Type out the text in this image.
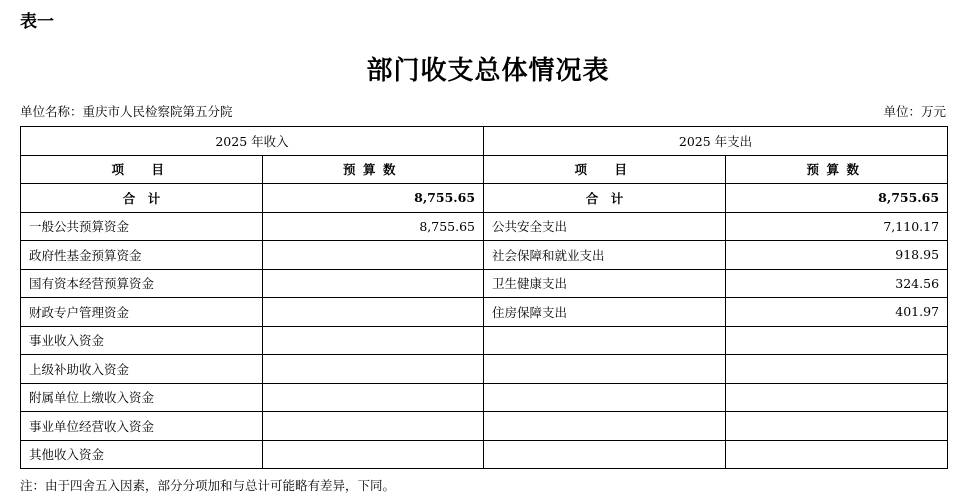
表一
部门收支总体情况表
单位名称：重庆市人民检察院第五分院	单位：万元
2025 年收入		2025 年支出	
项　目	预算数	项　目	预算数
合　计	8,755.65	合　计	8,755.65
一般公共预算资金	8,755.65	公共安全支出	7,110.17
政府性基金预算资金		社会保障和就业支出	918.95
国有资本经营预算资金		卫生健康支出	324.56
财政专户管理资金		住房保障支出	401.97
事业收入资金			
上级补助收入资金			
附属单位上缴收入资金			
事业单位经营收入资金			
其他收入资金			
注：由于四舍五入因素，部分分项加和与总计可能略有差异，下同。
